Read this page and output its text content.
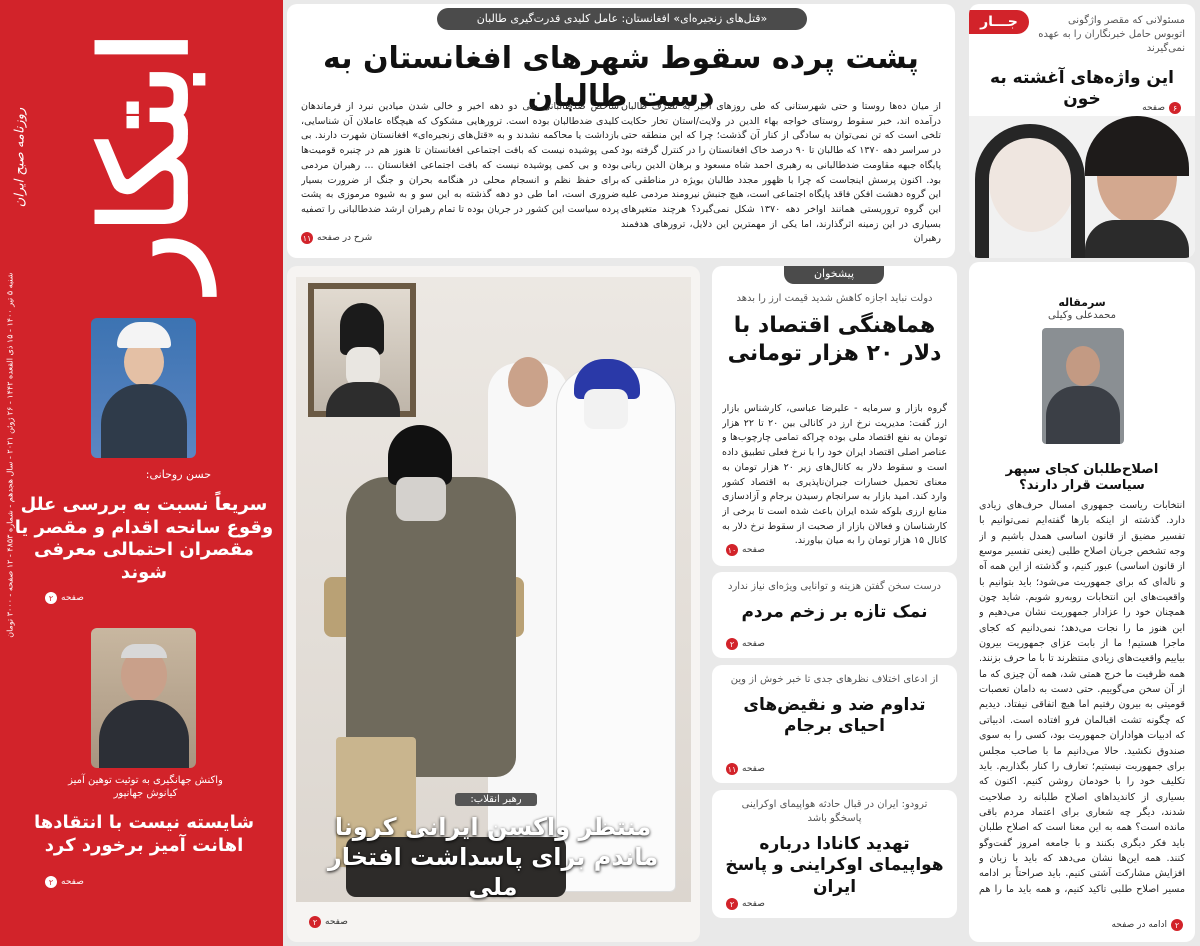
ابتکار
روزنامه صبح ایران
شنبه ۵ تیر ۱۴۰۰ - ۱۵ ذی القعده ۱۴۴۲ - ۲۶ ژوئن ۲۰۲۱ - سال هجدهم - شماره ۴۸۵۳ - ۱۲ صفحه - ۳۰۰۰ تومان
حسن روحانی:
سریعاً نسبت به بررسی علل وقوع سانحه اقدام و مقصر یا مقصران احتمالی معرفی شوند
صفحه
۲
واکنش جهانگیری به توئیت توهین آمیز کیانوش جهانپور
شایسته نیست با انتقادها اهانت آمیز برخورد کرد
صفحه
۲
«قتل‌های زنجیره‌ای» افغانستان: عامل کلیدی قدرت‌گیری طالبان
پشت پرده سقوط شهرهای افغانستان به دست طالبان
از میان ده‌ها روستا و حتی شهرستانی که طی روزهای اخیر به تصرف طالبان درآمده اند، خبر سقوط روستای خواجه بهاء الدین در ولایت/استان تخار حکایت تلخی است که تن نمی‌توان به سادگی از کنار آن گذشت؛ چرا که این منطقه حتی در سراسر دهه ۱۳۷۰ که طالبان تا ۹۰ درصد خاک افغانستان را در کنترل گرفته بود پایگاه جبهه مقاومت ضدطالبانی به رهبری احمد شاه مسعود و برهان الدین ربانی بود. اکنون پرسش اینجاست که چرا با ظهور مجدد طالبان بویژه در مناطقی که این گروه دهشت افکن فاقد پایگاه اجتماعی است، هیچ جنبش نیرومند مردمی علیه این گروه تروریستی همانند اواخر دهه ۱۳۷۰ شکل نمی‌گیرد؟ هرچند متغیرهای بسیاری در این زمینه اثرگذارند، اما یکی از مهمترین این دلایل، ترورهای هدفمند رهبران
شاخص ضدطالبانی طی دو دهه اخیر و خالی شدن میادین نبرد از فرماندهان کلیدی ضدطالبان بوده است. ترورهایی مشکوک که هیچگاه عاملان آن شناسایی، بازداشت یا محاکمه نشدند و به «قتل‌های زنجیره‌ای» افغانستان شهرت دارند. بی کمی پوشیده نیست که بافت اجتماعی افغانستان تا هنوز هم در چنبره قومیت‌ها بوده و بی کمی پوشیده نیست که بافت اجتماعی افغانستان ... رهبران مردمی برای حفظ نظم و انسجام محلی در هنگامه بحران و جنگ از ضرورت بسیار ضروری است، اما طی دو دهه گذشته به این سو و به شیوه مرموزی به پشت پرده سیاست این کشور در جریان بوده تا تمام رهبران ارشد ضدطالبانی را تصفیه
شرح در صفحه
۱۱
جـــار	مسئولانی که مقصر واژگونی اتوبوس حامل خبرنگاران را به عهده نمی‌گیرند
این واژه‌های آغشته به خون	۶
صفحه
سرمقاله
محمدعلی وکیلی
اصلاح‌طلبان کجای سپهر سیاست قرار دارند؟
انتخابات ریاست جمهوری امسال حرف‌های زیادی دارد. گذشته از اینکه بارها گفته‌ایم نمی‌توانیم با تفسیر مضیق از قانون اساسی همدل باشیم و از وجه تشخص جریان اصلاح طلبی (یعنی تفسیر موسع از قانون اساسی) عبور کنیم، و گذشته از این همه آه و ناله‌ای که برای جمهوریت می‌شود؛ باید بتوانیم با واقعیت‌های این انتخابات روبه‌رو شویم. شاید چون همچنان خود را عزادار جمهوریت نشان می‌دهیم و این هنوز ما را نجات می‌دهد؛ نمی‌دانیم که کجای ماجرا هستیم! ما از بابت عزای جمهوریت بیرون بیاییم واقعیت‌های زیادی منتظرند تا با ما حرف بزنند. همه ظرفیت ما خرج همتی شد، همه آن چیزی که ما از آن سخن می‌گوییم. حتی دست به دامان تعصبات قومیتی به بیرون رفتیم اما هیچ اتفاقی نیفتاد. دیدیم که چگونه تشت اقبالمان فرو افتاده است. ادبیاتی که ادبیات هواداران جمهوریت بود، کسی را به سوی صندوق نکشید. حالا می‌دانیم ما با صاحب مجلس برای جمهوریت نیستیم؛ تعارف را کنار بگذاریم. باید تکلیف خود را با خودمان روشن کنیم. اکنون که بسیاری از کاندیداهای اصلاح طلبانه رد صلاحیت شدند، دیگر چه شعاری برای اعتماد مردم باقی مانده است؟ همه به این معنا است که اصلاح طلبان باید فکر دیگری بکنند و با جامعه امروز گفت‌وگو کنند. همه این‌ها نشان می‌دهد که باید با زبان و افزایش مشارکت آشتی کنیم. باید صراحتاً بر ادامه مسیر اصلاح طلبی تاکید کنیم، و همه باید ما را هم
۲
ادامه در صفحه
رهبر انقلاب:
منتظر واکسن ایرانی کرونا ماندم برای پاسداشت افتخار ملی
صفحه
۲
پیشخوان
دولت نباید اجازه کاهش شدید قیمت ارز را بدهد
هماهنگی اقتصاد با دلار ۲۰ هزار تومانی
گروه بازار و سرمایه - علیرضا عباسی، کارشناس بازار ارز گفت: مدیریت نرخ ارز در کانالی بین ۲۰ تا ۲۲ هزار تومان به نفع اقتصاد ملی بوده چراکه تمامی چارچوب‌ها و عناصر اصلی اقتصاد ایران خود را با نرخ فعلی تطبیق داده است و سقوط دلار به کانال‌های زیر ۲۰ هزار تومان به معنای تحمیل خسارات جبران‌ناپذیری به اقتصاد کشور وارد کند. امید بازار به سرانجام رسیدن برجام و آزادسازی منابع ارزی بلوکه شده ایران باعث شده است تا برخی از کارشناسان و فعالان بازار از صحبت از سقوط نرخ دلار به کانال ۱۵ هزار تومان را به میان بیاورند.
صفحه
۱۰
درست سخن گفتن هزینه و توانایی ویژه‌ای نیاز ندارد
نمک تازه بر زخم مردم
صفحه
۲
از ادعای اختلاف نظرهای جدی تا خبر خوش از وین
تداوم ضد و نقیض‌های احیای برجام
صفحه
۱۱
ترودو: ایران در قبال حادثه هواپیمای اوکراینی پاسخگو باشد
تهدید کانادا درباره هواپیمای اوکراینی و پاسخ ایران
صفحه
۲
